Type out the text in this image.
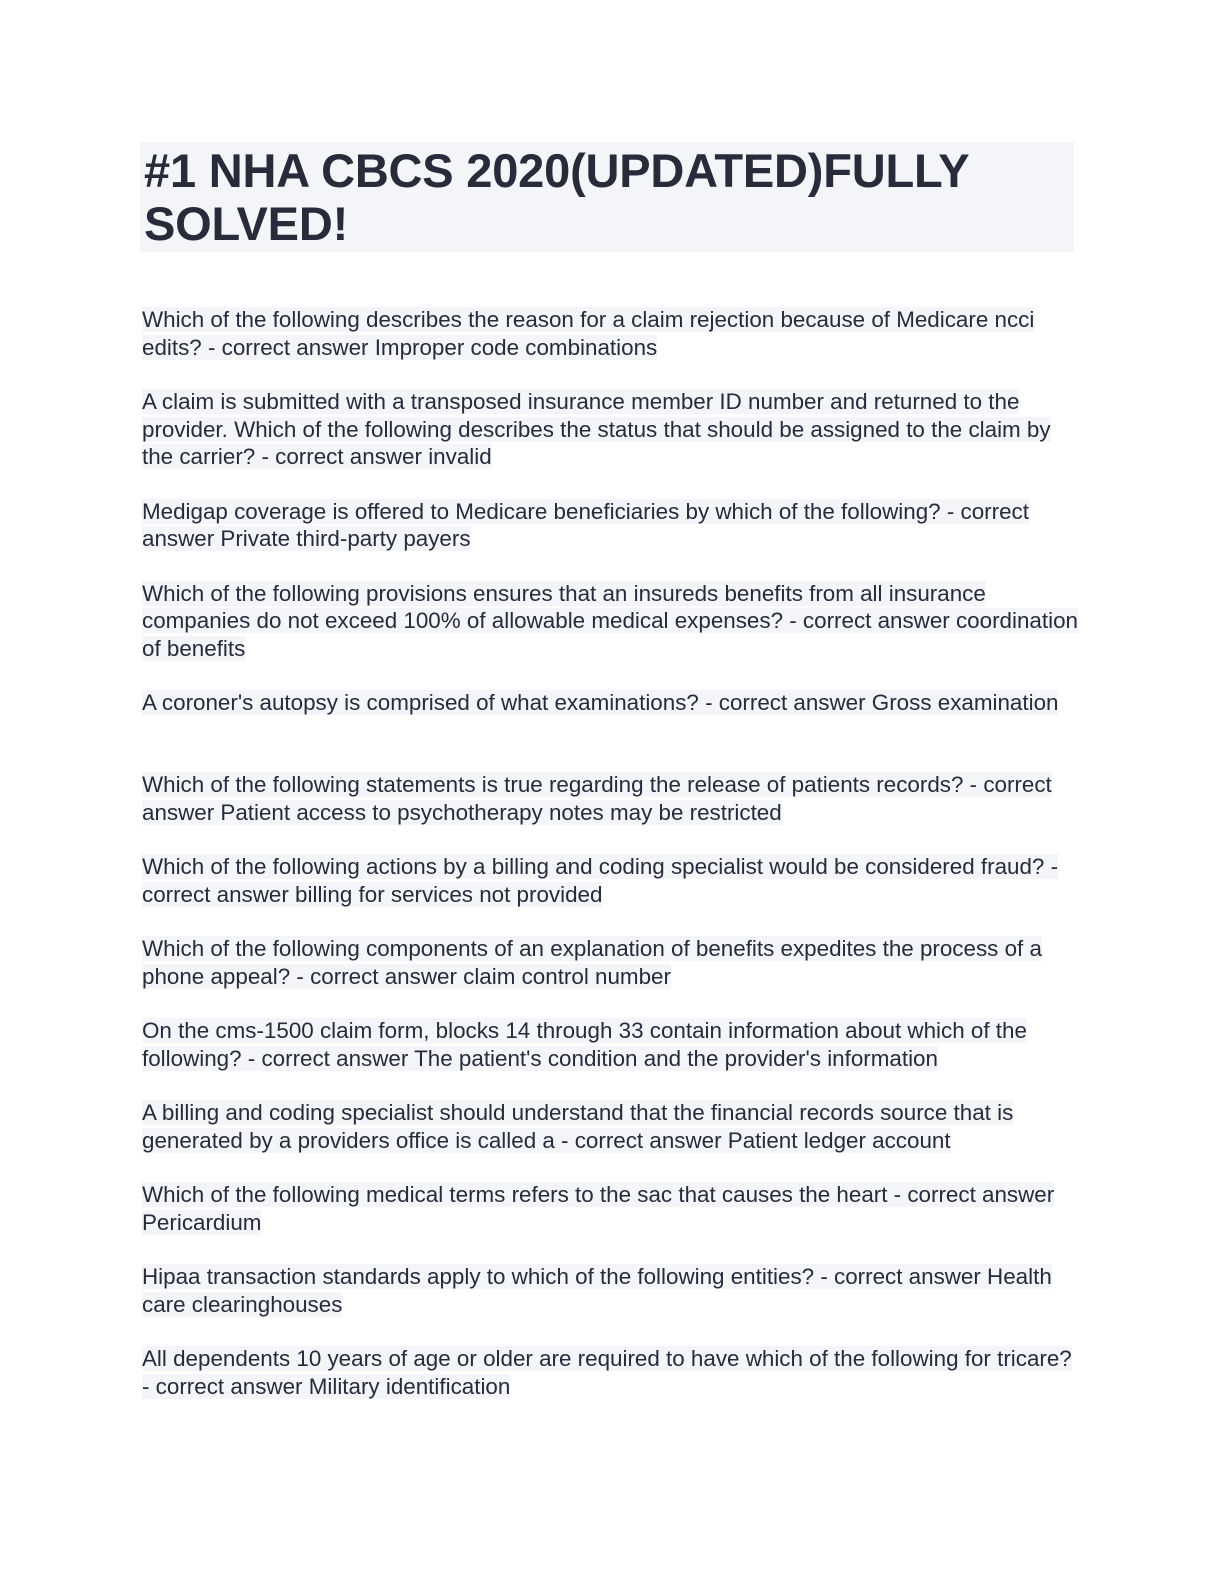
#1 NHA CBCS 2020(UPDATED)FULLY SOLVED!

Which of the following describes the reason for a claim rejection because of Medicare ncci edits? - correct answer Improper code combinations

A claim is submitted with a transposed insurance member ID number and returned to the provider. Which of the following describes the status that should be assigned to the claim by the carrier? - correct answer invalid

Medigap coverage is offered to Medicare beneficiaries by which of the following? - correct answer Private third-party payers

Which of the following provisions ensures that an insureds benefits from all insurance companies do not exceed 100% of allowable medical expenses? - correct answer coordination of benefits

A coroner's autopsy is comprised of what examinations? - correct answer Gross examination

Which of the following statements is true regarding the release of patients records? - correct answer Patient access to psychotherapy notes may be restricted

Which of the following actions by a billing and coding specialist would be considered fraud? - correct answer billing for services not provided

Which of the following components of an explanation of benefits expedites the process of a phone appeal? - correct answer claim control number

On the cms-1500 claim form, blocks 14 through 33 contain information about which of the following? - correct answer The patient's condition and the provider's information

A billing and coding specialist should understand that the financial records source that is generated by a providers office is called a - correct answer Patient ledger account

Which of the following medical terms refers to the sac that causes the heart - correct answer Pericardium

Hipaa transaction standards apply to which of the following entities? - correct answer Health care clearinghouses

All dependents 10 years of age or older are required to have which of the following for tricare? - correct answer Military identification
